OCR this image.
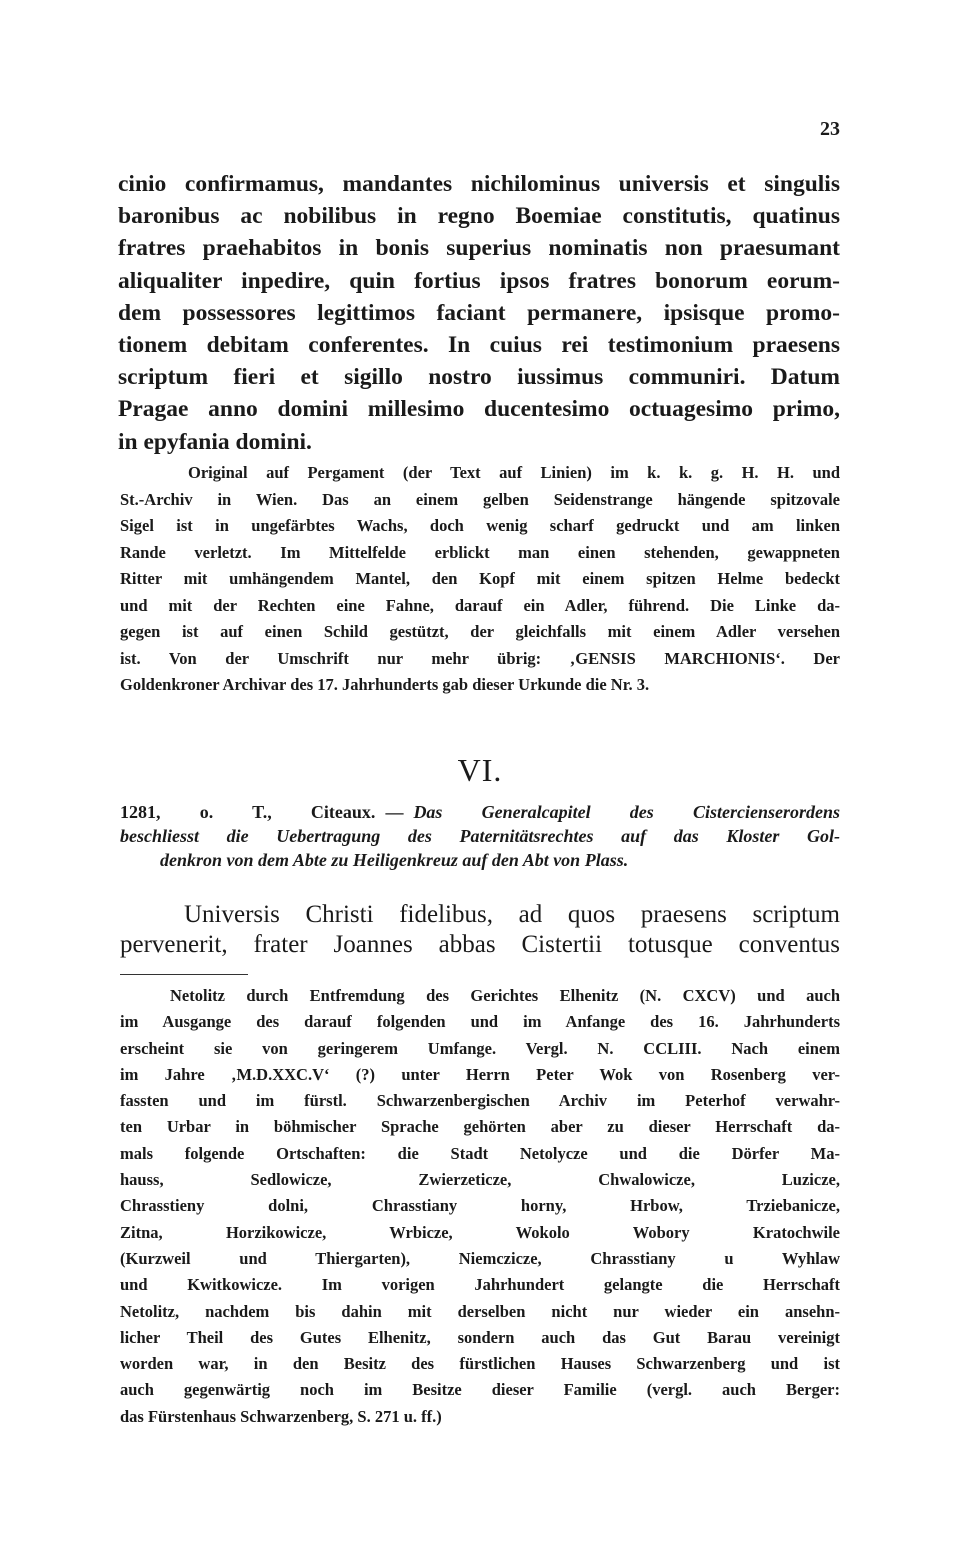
23
cinio confirmamus, mandantes nichilominus universis et singulis
baronibus ac nobilibus in regno Boemiae constitutis, quatinus
fratres praehabitos in bonis superius nominatis non praesumant
aliqualiter inpedire, quin fortius ipsos fratres bonorum eorum-
dem possessores legittimos faciant permanere, ipsisque promo-
tionem debitam conferentes. In cuius rei testimonium praesens
scriptum fieri et sigillo nostro iussimus communiri. Datum
Pragae anno domini millesimo ducentesimo octuagesimo primo,
in epyfania domini.
Original auf Pergament (der Text auf Linien) im k. k. g. H. H. und
St.-Archiv in Wien. Das an einem gelben Seidenstrange hängende spitzovale
Sigel ist in ungefärbtes Wachs, doch wenig scharf gedruckt und am linken
Rande verletzt. Im Mittelfelde erblickt man einen stehenden, gewappneten
Ritter mit umhängendem Mantel, den Kopf mit einem spitzen Helme bedeckt
und mit der Rechten eine Fahne, darauf ein Adler, führend. Die Linke da-
gegen ist auf einen Schild gestützt, der gleichfalls mit einem Adler versehen
ist. Von der Umschrift nur mehr übrig: ‚GENSIS MARCHIONIS‘. Der
Goldenkroner Archivar des 17. Jahrhunderts gab dieser Urkunde die Nr. 3.
VI.
1281, o. T., Citeaux. — Das Generalcapitel des Cistercienserordens
beschliesst die Uebertragung des Paternitätsrechtes auf das Kloster Gol-
denkron von dem Abte zu Heiligenkreuz auf den Abt von Plass.
Universis Christi fidelibus, ad quos praesens scriptum
pervenerit, frater Joannes abbas Cistertii totusque conventus
Netolitz durch Entfremdung des Gerichtes Elhenitz (N. CXCV) und auch
im Ausgange des darauf folgenden und im Anfange des 16. Jahrhunderts
erscheint sie von geringerem Umfange. Vergl. N. CCLIII. Nach einem
im Jahre ‚M.D.XXC.V‘ (?) unter Herrn Peter Wok von Rosenberg ver-
fassten und im fürstl. Schwarzenbergischen Archiv im Peterhof verwahr-
ten Urbar in böhmischer Sprache gehörten aber zu dieser Herrschaft da-
mals folgende Ortschaften: die Stadt Netolycze und die Dörfer Ma-
hauss, Sedlowicze, Zwierzeticze, Chwalowicze, Luzicze,
Chrasstieny dolni, Chrasstiany horny, Hrbow, Trziebanicze,
Zitna, Horzikowicze, Wrbicze, Wokolo Wobory Kratochwile
(Kurzweil und Thiergarten), Niemczicze, Chrasstiany u Wyhlaw
und Kwitkowicze. Im vorigen Jahrhundert gelangte die Herrschaft
Netolitz, nachdem bis dahin mit derselben nicht nur wieder ein ansehn-
licher Theil des Gutes Elhenitz, sondern auch das Gut Barau vereinigt
worden war, in den Besitz des fürstlichen Hauses Schwarzenberg und ist
auch gegenwärtig noch im Besitze dieser Familie (vergl. auch Berger:
das Fürstenhaus Schwarzenberg, S. 271 u. ff.)
